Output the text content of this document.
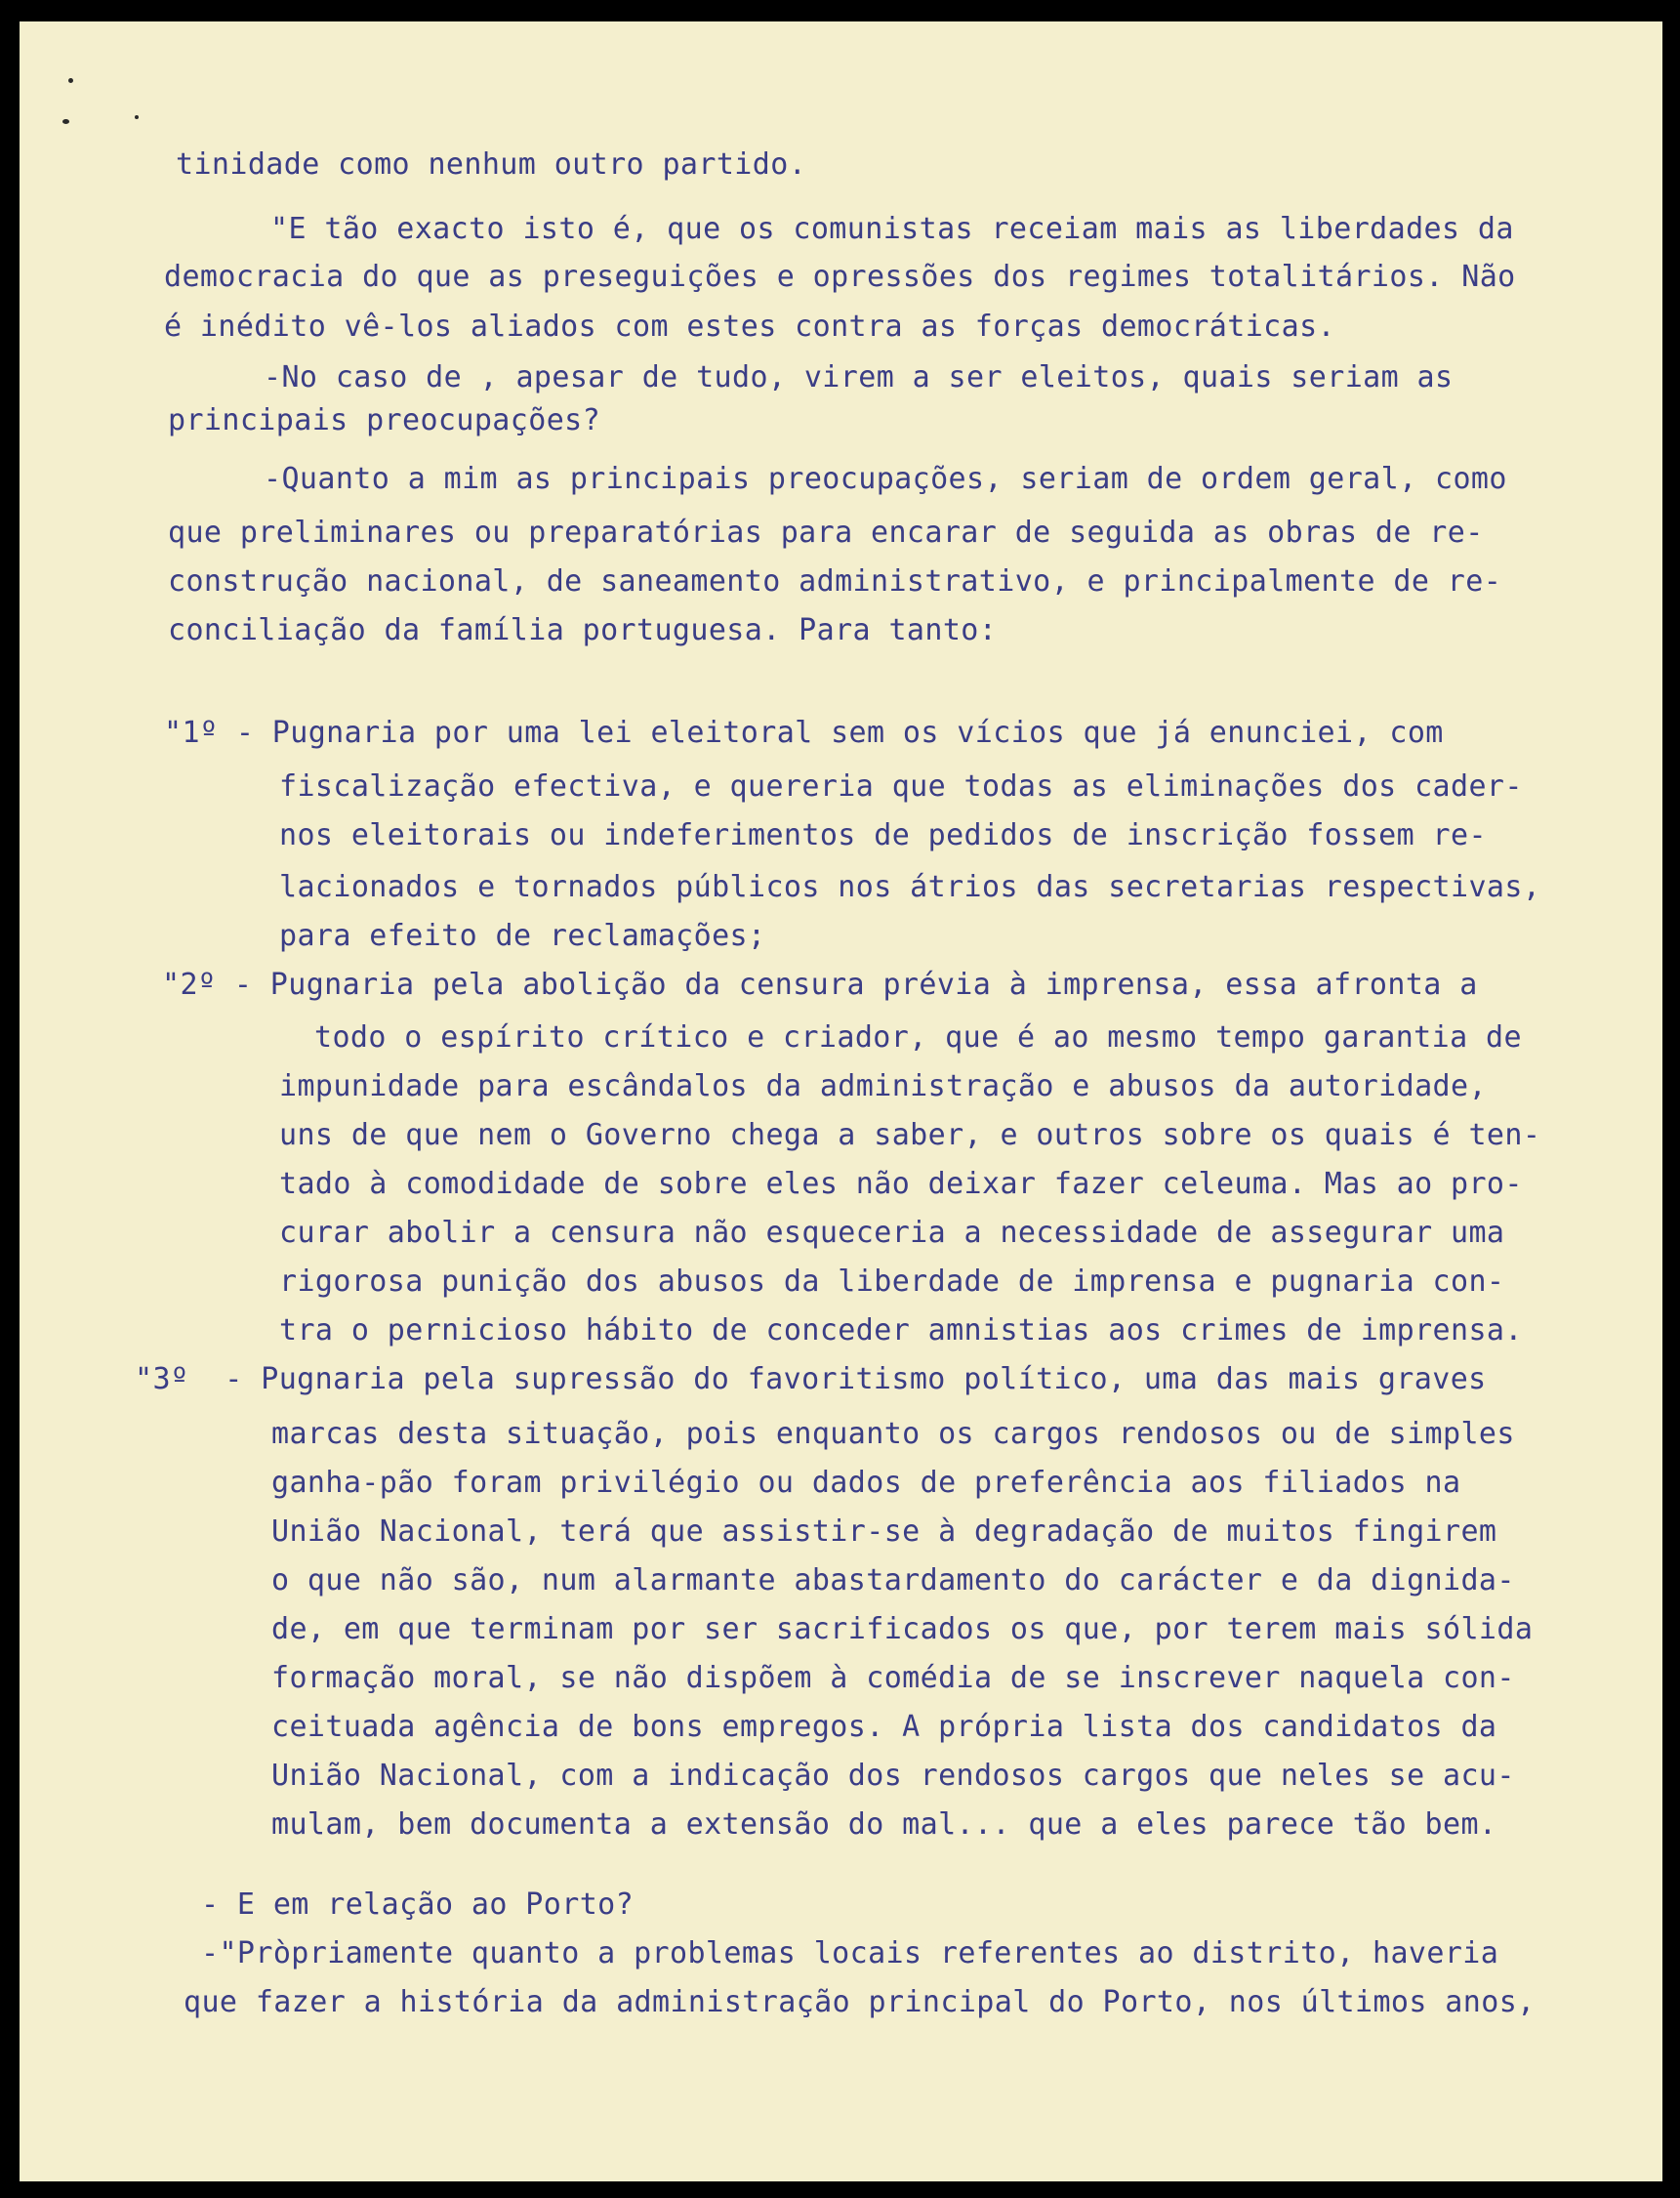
tinidade como nenhum outro partido.

"E tão exacto isto é, que os comunistas receiam mais as liberdades da

democracia do que as preseguições e opressões dos regimes totalitários. Não

é inédito vê-los aliados com estes contra as forças democráticas.

-No caso de , apesar de tudo, virem a ser eleitos, quais seriam as

principais preocupações?

-Quanto a mim as principais preocupações, seriam de ordem geral, como

que preliminares ou preparatórias para encarar de seguida as obras de re-

construção nacional, de saneamento administrativo, e principalmente de re-

conciliação da família portuguesa. Para tanto:

"1º - Pugnaria por uma lei eleitoral sem os vícios que já enunciei, com

fiscalização efectiva, e quereria que todas as eliminações dos cader-

nos eleitorais ou indeferimentos de pedidos de inscrição fossem re-

lacionados e tornados públicos nos átrios das secretarias respectivas,

para efeito de reclamações;

"2º - Pugnaria pela abolição da censura prévia à imprensa, essa afronta a

todo o espírito crítico e criador, que é ao mesmo tempo garantia de

impunidade para escândalos da administração e abusos da autoridade,

uns de que nem o Governo chega a saber, e outros sobre os quais é ten-

tado à comodidade de sobre eles não deixar fazer celeuma. Mas ao pro-

curar abolir a censura não esqueceria a necessidade de assegurar uma

rigorosa punição dos abusos da liberdade de imprensa e pugnaria con-

tra o pernicioso hábito de conceder amnistias aos crimes de imprensa.

"3º  - Pugnaria pela supressão do favoritismo político, uma das mais graves

marcas desta situação, pois enquanto os cargos rendosos ou de simples

ganha-pão foram privilégio ou dados de preferência aos filiados na

União Nacional, terá que assistir-se à degradação de muitos fingirem

o que não são, num alarmante abastardamento do carácter e da dignida-

de, em que terminam por ser sacrificados os que, por terem mais sólida

formação moral, se não dispõem à comédia de se inscrever naquela con-

ceituada agência de bons empregos. A própria lista dos candidatos da

União Nacional, com a indicação dos rendosos cargos que neles se acu-

mulam, bem documenta a extensão do mal... que a eles parece tão bem.

- E em relação ao Porto?

-"Pròpriamente quanto a problemas locais referentes ao distrito, haveria

que fazer a história da administração principal do Porto, nos últimos anos,
